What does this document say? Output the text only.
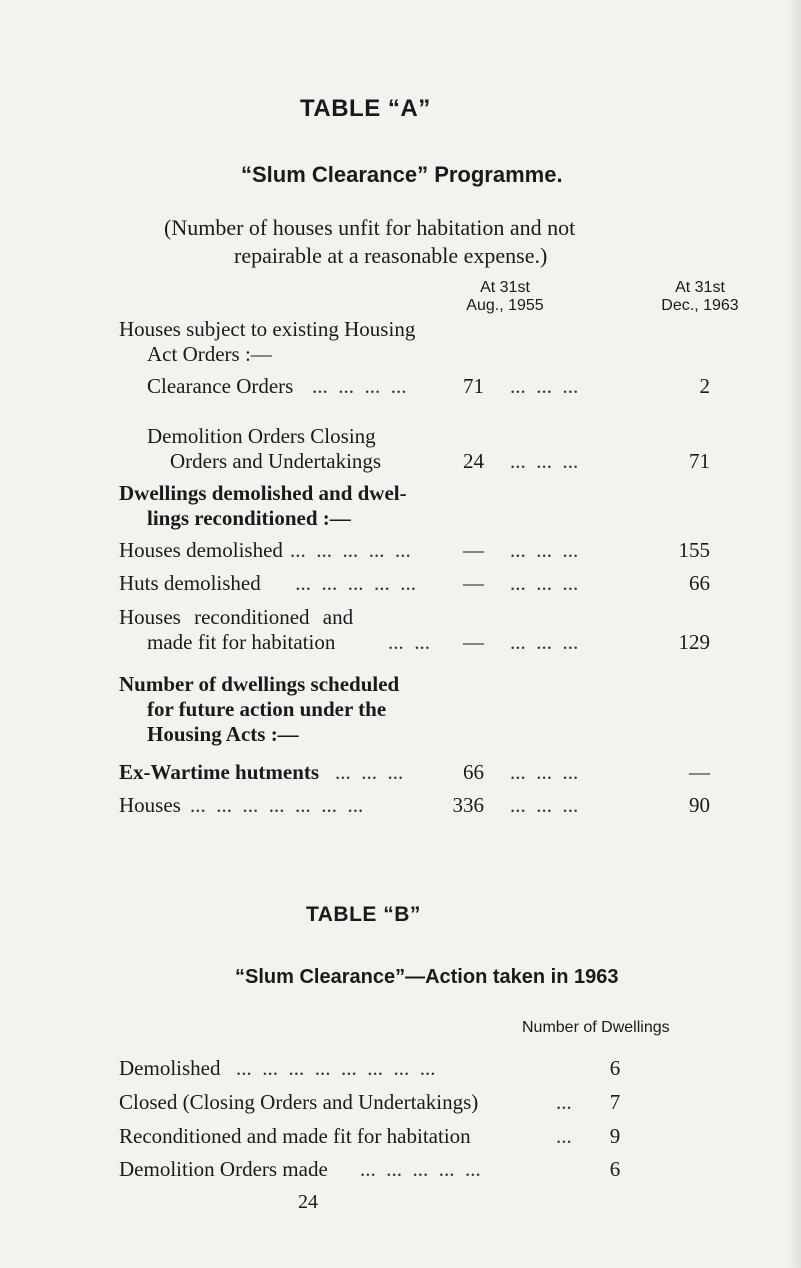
TABLE “A”
“Slum Clearance” Programme.
(Number of houses unfit for habitation and not
repairable at a reasonable expense.)
At 31st
Aug., 1955
At 31st
Dec., 1963
Houses subject to existing Housing
Act Orders :—
Clearance Orders ...  ...  ...  ...	71 ...  ...  ...	2
Demolition Orders Closing
Orders and Undertakings	24 ...  ...  ...	71
Dwellings demolished and dwel-
lings reconditioned :—
Houses demolished ...  ...  ...  ...  ...	— ...  ...  ...	155
Huts demolished ...  ...  ...  ...  ...	— ...  ...  ...	66
Houses reconditioned and
made fit for habitation	...  ...	— ...  ...  ...	129
Number of dwellings scheduled
for future action under the
Housing Acts :—
Ex-Wartime hutments ...  ...  ...	66 ...  ...  ...	—
Houses ...  ...  ...  ...  ...  ...  ...	336 ...  ...  ...	90
TABLE “B”
“Slum Clearance”—Action taken in 1963
Number of Dwellings
Demolished ...  ...  ...  ...  ...  ...  ...  ...	6
Closed (Closing Orders and Undertakings)	...	7
Reconditioned and made fit for habitation	...	9
Demolition Orders made ...  ...  ...  ...  ...	6
24
